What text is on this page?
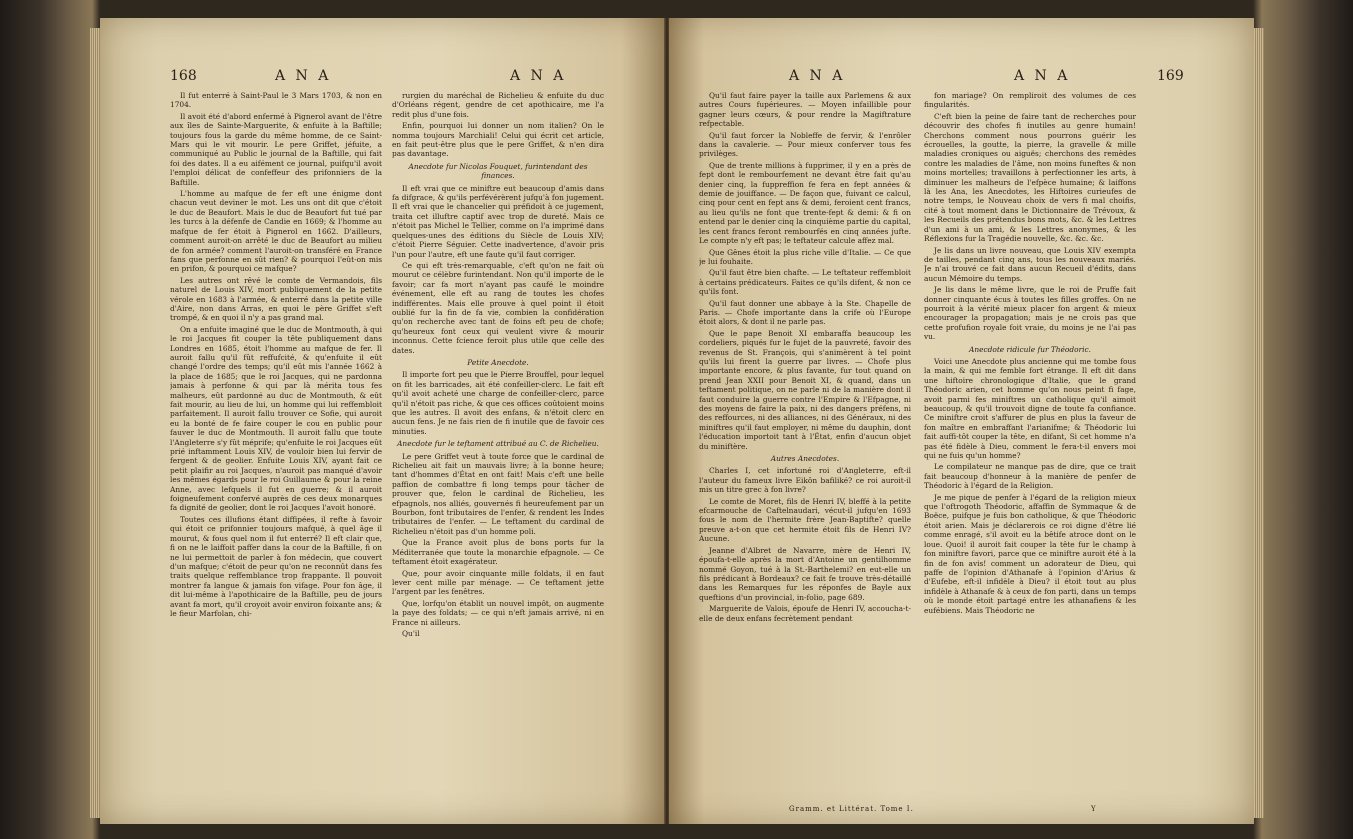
168	A N A	A N A

Il fut enterré à Saint-Paul le 3 Mars 1703, & non en 1704.

Il avoit été d'abord enfermé à Pignerol avant de l'être aux îles de Sainte-Marguerite, & enfuite à la Baftille; toujours fous la garde du même homme, de ce Saint-Mars qui le vit mourir. Le pere Griffet, jéfuite, a communiqué au Public le journal de la Baftille, qui fait foi des dates. Il a eu aifément ce journal, puifqu'il avoit l'emploi délicat de confeffeur des prifonniers de la Baftille.

L'homme au mafque de fer eft une énigme dont chacun veut deviner le mot. Les uns ont dit que c'étoit le duc de Beaufort. Mais le duc de Beaufort fut tué par les turcs à la défenfe de Candie en 1669; & l'homme au mafque de fer étoit à Pignerol en 1662. D'ailleurs, comment auroit-on arrêté le duc de Beaufort au milieu de fon armée? comment l'auroit-on transféré en France fans que perfonne en sût rien? & pourquoi l'eût-on mis en prifon, & pourquoi ce mafque?

Les autres ont rêvé le comte de Vermandois, fils naturel de Louis XIV, mort publiquement de la petite vérole en 1683 à l'armée, & enterré dans la petite ville d'Aire, non dans Arras, en quoi le père Griffet s'eft trompé, & en quoi il n'y a pas grand mal.

On a enfuite imaginé que le duc de Montmouth, à qui le roi Jacques fit couper la tête publiquement dans Londres en 1685, étoit l'homme au mafque de fer. Il auroit fallu qu'il fût reffufcité, & qu'enfuite il eût changé l'ordre des temps; qu'il eût mis l'année 1662 à la place de 1685; que le roi Jacques, qui ne pardonna jamais à perfonne & qui par là mérita tous fes malheurs, eût pardonné au duc de Montmouth, & eût fait mourir, au lieu de lui, un homme qui lui reffembloit parfaitement. Il auroit fallu trouver ce Sofie, qui auroit eu la bonté de fe faire couper le cou en public pour fauver le duc de Montmouth. Il auroit fallu que toute l'Angleterre s'y fût méprife; qu'enfuite le roi Jacques eût prié inftamment Louis XIV, de vouloir bien lui fervir de fergent & de geolier. Enfuite Louis XIV, ayant fait ce petit plaifir au roi Jacques, n'auroit pas manqué d'avoir les mêmes égards pour le roi Guillaume & pour la reine Anne, avec lefquels il fut en guerre; & il auroit foigneufement confervé auprès de ces deux monarques fa dignité de geolier, dont le roi Jacques l'avoit honoré.

Toutes ces illufions étant diffipées, il refte à favoir qui étoit ce prifonnier toujours mafqué, à quel âge il mourut, & fous quel nom il fut enterré? Il eft clair que, fi on ne le laiffoit paffer dans la cour de la Baftille, fi on ne lui permettoit de parler à fon médecin, que couvert d'un mafque; c'étoit de peur qu'on ne reconnût dans fes traits quelque reffemblance trop frappante. Il pouvoit montrer fa langue & jamais fon vifage. Pour fon âge, il dit lui-même à l'apothicaire de la Baftille, peu de jours avant fa mort, qu'il croyoit avoir environ foixante ans; & le fieur Marfolan, chi-

rurgien du maréchal de Richelieu & enfuite du duc d'Orléans régent, gendre de cet apothicaire, me l'a redit plus d'une fois.

Enfin, pourquoi lui donner un nom italien? On le nomma toujours Marchiali! Celui qui écrit cet article, en fait peut-être plus que le pere Griffet, & n'en dira pas davantage.

Anecdote fur Nicolas Fouquet, furintendant des finances.

Il eft vrai que ce miniftre eut beaucoup d'amis dans fa difgrace, & qu'ils perfévérèrent jufqu'à fon jugement. Il eft vrai que le chancelier qui préfidoit à ce jugement, traita cet illuftre captif avec trop de dureté. Mais ce n'étoit pas Michel le Tellier, comme on l'a imprimé dans quelques-unes des éditions du Siècle de Louis XIV; c'étoit Pierre Séguier. Cette inadvertence, d'avoir pris l'un pour l'autre, eft une faute qu'il faut corriger.

Ce qui eft très-remarquable, c'eft qu'on ne fait où mourut ce célèbre furintendant. Non qu'il importe de le favoir; car fa mort n'ayant pas caufé le moindre événement, elle eft au rang de toutes les chofes indifférentes. Mais elle prouve à quel point il étoit oublié fur la fin de fa vie, combien la confidération qu'on recherche avec tant de foins eft peu de chofe; qu'heureux font ceux qui veulent vivre & mourir inconnus. Cette fcience feroit plus utile que celle des dates.

Petite Anecdote.

Il importe fort peu que le Pierre Brouffel, pour lequel on fit les barricades, ait été confeiller-clerc. Le fait eft qu'il avoit acheté une charge de confeiller-clerc, parce qu'il n'étoit pas riche, & que ces offices coûtoient moins que les autres. Il avoit des enfans, & n'étoit clerc en aucun fens. Je ne fais rien de fi inutile que de favoir ces minuties.

Anecdote fur le teftament attribué au C. de Richelieu.

Le pere Griffet veut à toute force que le cardinal de Richelieu ait fait un mauvais livre; à la bonne heure; tant d'hommes d'État en ont fait! Mais c'eft une belle paffion de combattre fi long temps pour tâcher de prouver que, felon le cardinal de Richelieu, les efpagnols, nos alliés, gouvernés fi heureufement par un Bourbon, font tributaires de l'enfer, & rendent les Indes tributaires de l'enfer. — Le teftament du cardinal de Richelieu n'étoit pas d'un homme poli.

Que la France avoit plus de bons ports fur la Méditerranée que toute la monarchie efpagnole. — Ce teftament étoit exagérateur.

Que, pour avoir cinquante mille foldats, il en faut lever cent mille par ménage. — Ce teftament jette l'argent par les fenêtres.

Que, lorfqu'on établit un nouvel impôt, on augmente la paye des foldats; — ce qui n'eft jamais arrivé, ni en France ni ailleurs.

Qu'il

A N A	A N A	169

Qu'il faut faire payer la taille aux Parlemens & aux autres Cours fupérieures. — Moyen infaillible pour gagner leurs cœurs, & pour rendre la Magiftrature refpectable.

Qu'il faut forcer la Nobleffe de fervir, & l'enrôler dans la cavalerie. — Pour mieux conferver tous fes privilèges.

Que de trente millions à fupprimer, il y en a près de fept dont le rembourfement ne devant être fait qu'au denier cinq, la fuppreffion fe fera en fept années & demie de jouiffance. — De façon que, fuivant ce calcul, cinq pour cent en fept ans & demi, feroient cent francs, au lieu qu'ils ne font que trente-fept & demi: & fi on entend par le denier cinq la cinquième partie du capital, les cent francs feront rembourfés en cinq années jufte. Le compte n'y eft pas; le teftateur calcule affez mal.

Que Gênes étoit la plus riche ville d'Italie. — Ce que je lui fouhaite.

Qu'il faut être bien chafte. — Le teftateur reffembloit à certains prédicateurs. Faites ce qu'ils difent, & non ce qu'ils font.

Qu'il faut donner une abbaye à la Ste. Chapelle de Paris. — Chofe importante dans la crife où l'Europe étoit alors, & dont il ne parle pas.

Que le pape Benoit XI embaraffa beaucoup les cordeliers, piqués fur le fujet de la pauvreté, favoir des revenus de St. François, qui s'animèrent à tel point qu'ils lui firent la guerre par livres. — Chofe plus importante encore, & plus favante, fur tout quand on prend Jean XXII pour Benoit XI, & quand, dans un teftament politique, on ne parle ni de la manière dont il faut conduire la guerre contre l'Empire & l'Efpagne, ni des moyens de faire la paix, ni des dangers préfens, ni des reffources, ni des alliances, ni des Généraux, ni des miniftres qu'il faut employer, ni même du dauphin, dont l'éducation importoit tant à l'État, enfin d'aucun objet du miniftère.

Autres Anecdotes.

Charles I, cet infortuné roi d'Angleterre, eft-il l'auteur du fameux livre Eikôn bafiliké? ce roi auroit-il mis un titre grec à fon livre?

Le comte de Moret, fils de Henri IV, bleffé à la petite efcarmouche de Caftelnaudari, vécut-il jufqu'en 1693 fous le nom de l'hermite frère Jean-Baptifte? quelle preuve a-t-on que cet hermite étoit fils de Henri IV? Aucune.

Jeanne d'Albret de Navarre, mère de Henri IV, époufa-t-elle après la mort d'Antoine un gentilhomme nommé Goyon, tué à la St.-Barthelemi? en eut-elle un fils prédicant à Bordeaux? ce fait fe trouve très-détaillé dans les Remarques fur les réponfes de Bayle aux queftions d'un provincial, in-folio, page 689.

Marguerite de Valois, époufe de Henri IV, accoucha-t-elle de deux enfans fecrètement pendant

fon mariage? On rempliroit des volumes de ces fingularités.

C'eft bien la peine de faire tant de recherches pour découvrir des chofes fi inutiles au genre humain! Cherchons comment nous pourrons guérir les écrouelles, la goutte, la pierre, la gravelle & mille maladies croniques ou aiguës; cherchons des remèdes contre les maladies de l'âme, non moins funeftes & non moins mortelles; travaillons à perfectionner les arts, à diminuer les malheurs de l'efpèce humaine; & laiffons là les Ana, les Anecdotes, les Hiftoires curieufes de notre temps, le Nouveau choix de vers fi mal choifis, cité à tout moment dans le Dictionnaire de Trévoux, & les Recueils des prétendus bons mots, &c. & les Lettres d'un ami à un ami, & les Lettres anonymes, & les Réflexions fur la Tragédie nouvelle, &c. &c. &c.

Je lis dans un livre nouveau, que Louis XIV exempta de tailles, pendant cinq ans, tous les nouveaux mariés. Je n'ai trouvé ce fait dans aucun Recueil d'édits, dans aucun Mémoire du temps.

Je lis dans le même livre, que le roi de Pruffe fait donner cinquante écus à toutes les filles groffes. On ne pourroit à la vérité mieux placer fon argent & mieux encourager la propagation; mais je ne crois pas que cette profufion royale foit vraie, du moins je ne l'ai pas vu.

Anecdote ridicule fur Théodoric.

Voici une Anecdote plus ancienne qui me tombe fous la main, & qui me femble fort étrange. Il eft dit dans une hiftoire chronologique d'Italie, que le grand Théodoric arien, cet homme qu'on nous peint fi fage, avoit parmi fes miniftres un catholique qu'il aimoit beaucoup, & qu'il trouvoit digne de toute fa confiance. Ce miniftre croit s'affurer de plus en plus la faveur de fon maître en embraffant l'arianifme; & Théodoric lui fait auffi-tôt couper la tête, en difant, Si cet homme n'a pas été fidèle à Dieu, comment le fera-t-il envers moi qui ne fuis qu'un homme?

Le compilateur ne manque pas de dire, que ce trait fait beaucoup d'honneur à la manière de penfer de Théodoric à l'égard de la Religion.

Je me pique de penfer à l'égard de la religion mieux que l'oftrogoth Théodoric, affaffin de Symmaque & de Boëce, puifque je fuis bon catholique, & que Théodoric étoit arien. Mais je déclarerois ce roi digne d'être lié comme enragé, s'il avoit eu la bêtife atroce dont on le loue. Quoi! il auroit fait couper la tête fur le champ à fon miniftre favori, parce que ce miniftre auroit été à la fin de fon avis! comment un adorateur de Dieu, qui paffe de l'opinion d'Athanafe à l'opinion d'Arius & d'Eufebe, eft-il infidèle à Dieu? il étoit tout au plus infidèle à Athanafe & à ceux de fon parti, dans un temps où le monde étoit partagé entre les athanafiens & les eufébiens. Mais Théodoric ne

Gramm. et Littérat. Tome I.	Y
